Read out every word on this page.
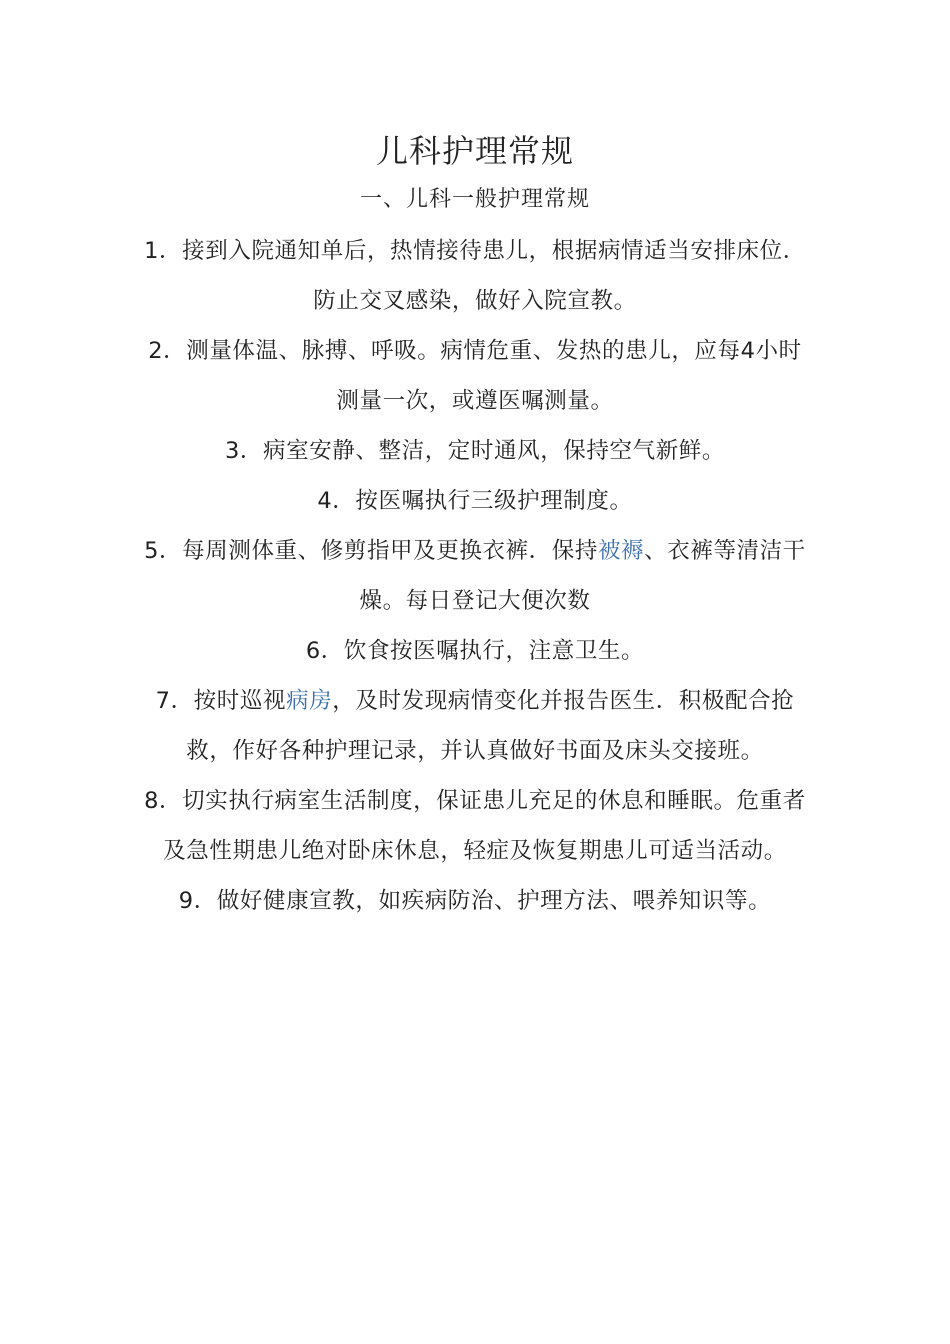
儿科护理常规
一、儿科一般护理常规

1．接到入院通知单后，热情接待患儿，根据病情适当安排床位．防止交叉感染，做好入院宣教。

2．测量体温、脉搏、呼吸。病情危重、发热的患儿，应每4小时测量一次，或遵医嘱测量。

3．病室安静、整洁，定时通风，保持空气新鲜。

4．按医嘱执行三级护理制度。

5．每周测体重、修剪指甲及更换衣裤．保持被褥、衣裤等清洁干燥。每日登记大便次数

6．饮食按医嘱执行，注意卫生。

7．按时巡视病房，及时发现病情变化并报告医生．积极配合抢救，作好各种护理记录，并认真做好书面及床头交接班。

8．切实执行病室生活制度，保证患儿充足的休息和睡眠。危重者及急性期患儿绝对卧床休息，轻症及恢复期患儿可适当活动。

9．做好健康宣教，如疾病防治、护理方法、喂养知识等。
